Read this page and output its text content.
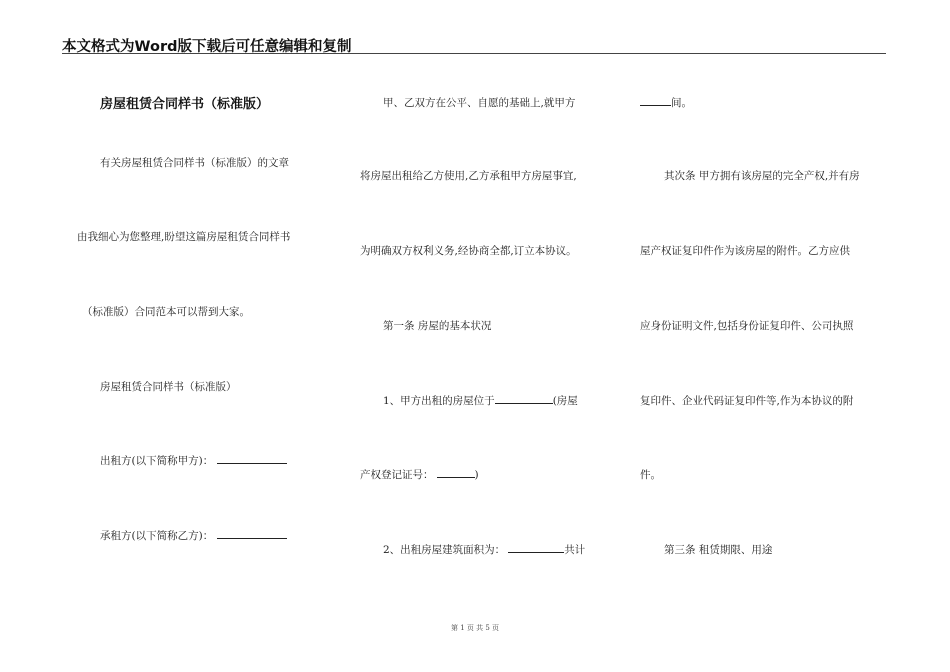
本文格式为Word版下载后可任意编辑和复制
房屋租赁合同样书（标准版）
有关房屋租赁合同样书（标准版）的文章
由我细心为您整理,盼望这篇房屋租赁合同样书
（标准版）合同范本可以帮到大家。
房屋租赁合同样书（标准版）
出租方(以下简称甲方)：
承租方(以下简称乙方)：
甲、乙双方在公平、自愿的基础上,就甲方
将房屋出租给乙方使用,乙方承租甲方房屋事宜,
为明确双方权利义务,经协商全都,订立本协议。
第一条 房屋的基本状况
1、甲方出租的房屋位于	(房屋
产权登记证号：	)
2、出租房屋建筑面积为：	共计
间。
其次条 甲方拥有该房屋的完全产权,并有房
屋产权证复印件作为该房屋的附件。乙方应供
应身份证明文件,包括身份证复印件、公司执照
复印件、企业代码证复印件等,作为本协议的附
件。
第三条 租赁期限、用途
第 1 页 共 5 页
